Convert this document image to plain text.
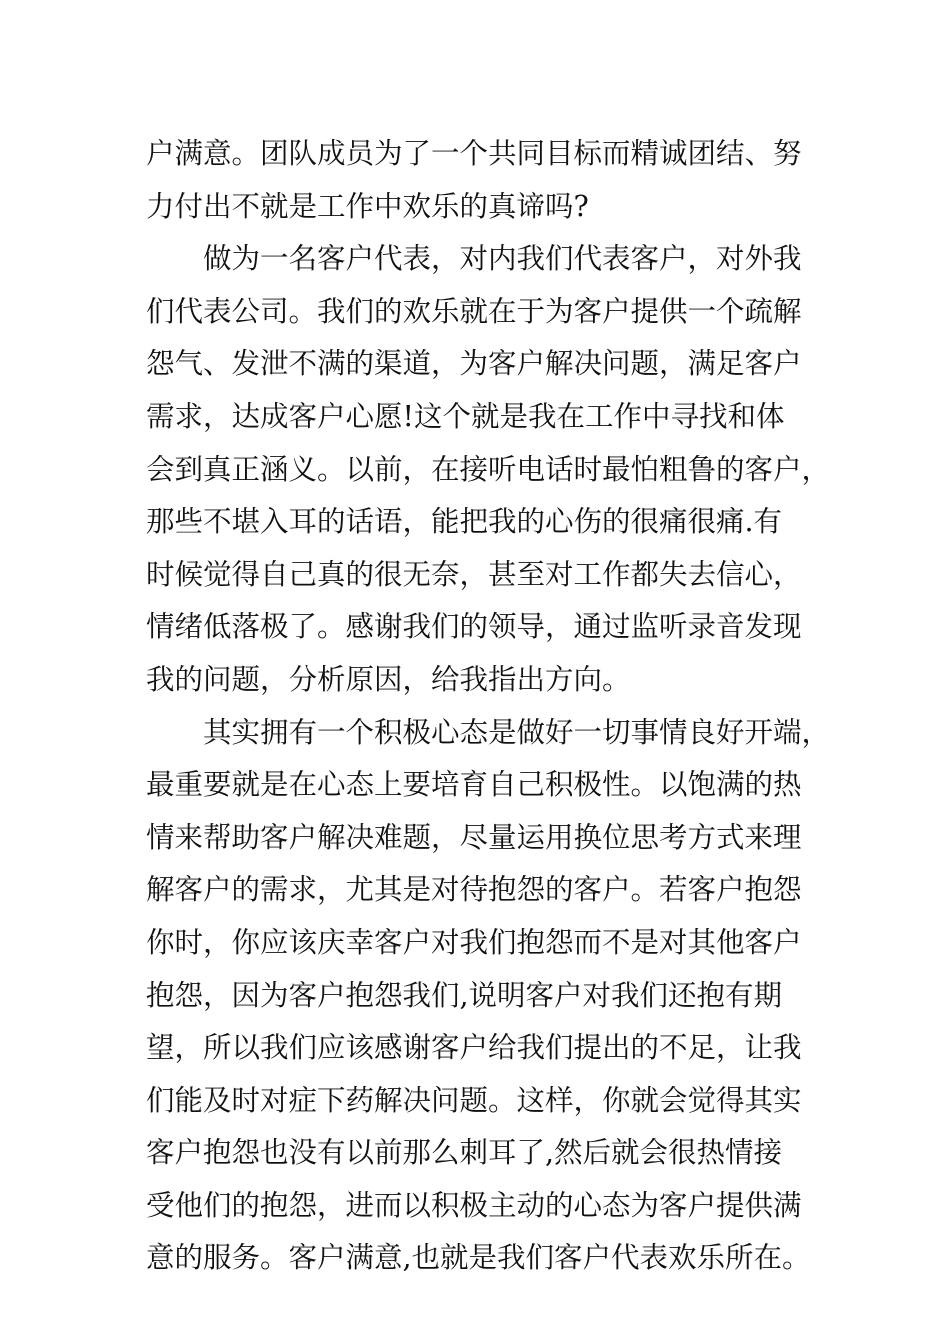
户满意。团队成员为了一个共同目标而精诚团结、努
力付出不就是工作中欢乐的真谛吗?
做为一名客户代表，对内我们代表客户，对外我
们代表公司。我们的欢乐就在于为客户提供一个疏解
怨气、发泄不满的渠道，为客户解决问题，满足客户
需求，达成客户心愿!这个就是我在工作中寻找和体
会到真正涵义。以前，在接听电话时最怕粗鲁的客户，
那些不堪入耳的话语，能把我的心伤的很痛很痛.有
时候觉得自己真的很无奈，甚至对工作都失去信心，
情绪低落极了。感谢我们的领导，通过监听录音发现
我的问题，分析原因，给我指出方向。
其实拥有一个积极心态是做好一切事情良好开端，
最重要就是在心态上要培育自己积极性。以饱满的热
情来帮助客户解决难题，尽量运用换位思考方式来理
解客户的需求，尤其是对待抱怨的客户。若客户抱怨
你时，你应该庆幸客户对我们抱怨而不是对其他客户
抱怨，因为客户抱怨我们,说明客户对我们还抱有期
望，所以我们应该感谢客户给我们提出的不足，让我
们能及时对症下药解决问题。这样，你就会觉得其实
客户抱怨也没有以前那么刺耳了,然后就会很热情接
受他们的抱怨，进而以积极主动的心态为客户提供满
意的服务。客户满意,也就是我们客户代表欢乐所在。
